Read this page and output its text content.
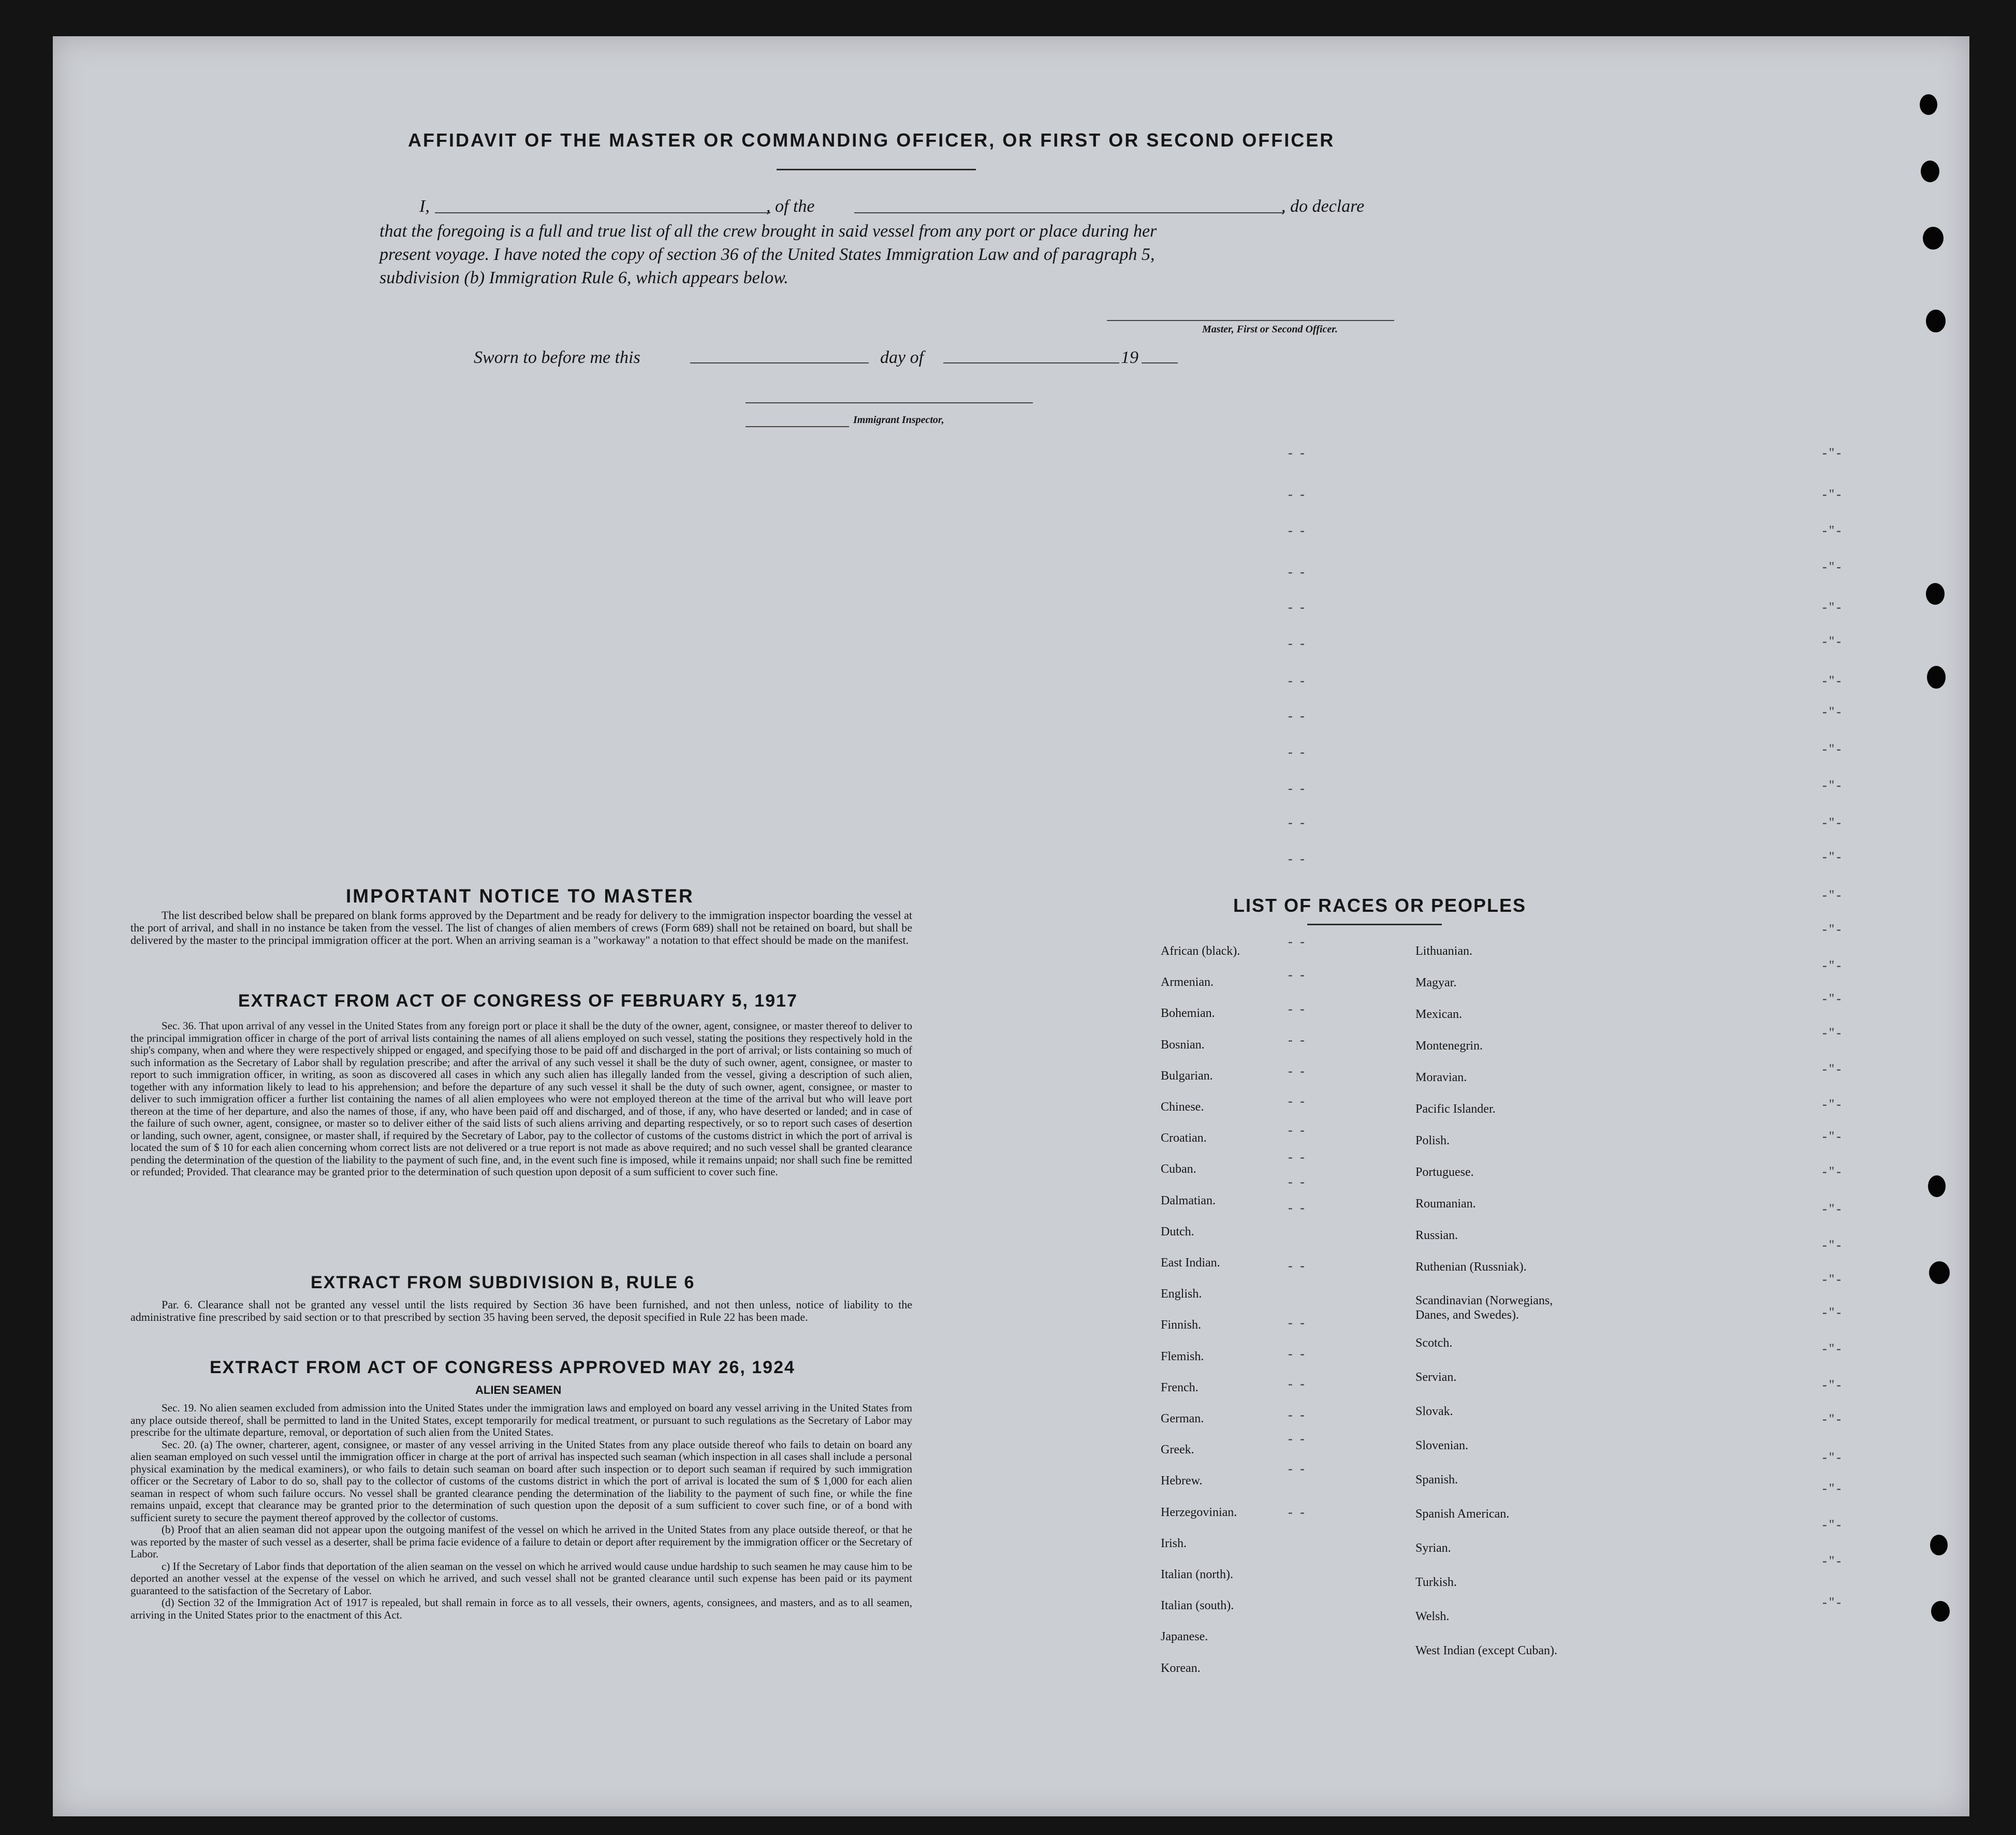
AFFIDAVIT OF THE MASTER OR COMMANDING OFFICER, OR FIRST OR SECOND OFFICER
I,	, of the	, do declare
that the foregoing is a full and true list of all the crew brought in said vessel from any port or place during her
present voyage. I have noted the copy of section 36 of the United States Immigration Law and of paragraph 5,
subdivision (b) Immigration Rule 6, which appears below.
Master, First or Second Officer.
Sworn to before me this	day of	19
Immigrant Inspector,
- -
- -
- -
- -
- -
- -
- -
- -
- -
- -
- -
- -
- -
- -
- -
- -
- -
- -
- -
- -
- -
- -
- -
- -
- -
- -
- -
- -
- -
- -
-"-
-"-
-"-
-"-
-"-
-"-
-"-
-"-
-"-
-"-
-"-
-"-
-"-
-"-
-"-
-"-
-"-
-"-
-"-
-"-
-"-
-"-
-"-
-"-
-"-
-"-
-"-
-"-
-"-
-"-
-"-
-"-
-"-
IMPORTANT NOTICE TO MASTER

The list described below shall be prepared on blank forms approved by the Department and be ready for delivery to the immigration inspector boarding the vessel at the port of arrival, and shall in no instance be taken from the vessel. The list of changes of alien members of crews (Form 689) shall not be retained on board, but shall be delivered by the master to the principal immigration officer at the port. When an arriving seaman is a "workaway" a notation to that effect should be made on the manifest.

EXTRACT FROM ACT OF CONGRESS OF FEBRUARY 5, 1917

Sec. 36. That upon arrival of any vessel in the United States from any foreign port or place it shall be the duty of the owner, agent, consignee, or master thereof to deliver to the principal immigration officer in charge of the port of arrival lists containing the names of all aliens employed on such vessel, stating the positions they respectively hold in the ship's company, when and where they were respectively shipped or engaged, and specifying those to be paid off and discharged in the port of arrival; or lists containing so much of such information as the Secretary of Labor shall by regulation prescribe; and after the arrival of any such vessel it shall be the duty of such owner, agent, consignee, or master to report to such immigration officer, in writing, as soon as discovered all cases in which any such alien has illegally landed from the vessel, giving a description of such alien, together with any information likely to lead to his apprehension; and before the departure of any such vessel it shall be the duty of such owner, agent, consignee, or master to deliver to such immigration officer a further list containing the names of all alien employees who were not employed thereon at the time of the arrival but who will leave port thereon at the time of her departure, and also the names of those, if any, who have been paid off and discharged, and of those, if any, who have deserted or landed; and in case of the failure of such owner, agent, consignee, or master so to deliver either of the said lists of such aliens arriving and departing respectively, or so to report such cases of desertion or landing, such owner, agent, consignee, or master shall, if required by the Secretary of Labor, pay to the collector of customs of the customs district in which the port of arrival is located the sum of $ 10 for each alien concerning whom correct lists are not delivered or a true report is not made as above required; and no such vessel shall be granted clearance pending the determination of the question of the liability to the payment of such fine, and, in the event such fine is imposed, while it remains unpaid; nor shall such fine be remitted or refunded; Provided. That clearance may be granted prior to the determination of such question upon deposit of a sum sufficient to cover such fine.

EXTRACT FROM SUBDIVISION B, RULE 6

Par. 6. Clearance shall not be granted any vessel until the lists required by Section 36 have been furnished, and not then unless, notice of liability to the administrative fine prescribed by said section or to that prescribed by section 35 having been served, the deposit specified in Rule 22 has been made.

EXTRACT FROM ACT OF CONGRESS APPROVED MAY 26, 1924
ALIEN SEAMEN

Sec. 19. No alien seamen excluded from admission into the United States under the immigration laws and employed on board any vessel arriving in the United States from any place outside thereof, shall be permitted to land in the United States, except temporarily for medical treatment, or pursuant to such regulations as the Secretary of Labor may prescribe for the ultimate departure, removal, or deportation of such alien from the United States.

Sec. 20. (a) The owner, charterer, agent, consignee, or master of any vessel arriving in the United States from any place outside thereof who fails to detain on board any alien seaman employed on such vessel until the immigration officer in charge at the port of arrival has inspected such seaman (which inspection in all cases shall include a personal physical examination by the medical examiners), or who fails to detain such seaman on board after such inspection or to deport such seaman if required by such immigration officer or the Secretary of Labor to do so, shall pay to the collector of customs of the customs district in which the port of arrival is located the sum of $ 1,000 for each alien seaman in respect of whom such failure occurs. No vessel shall be granted clearance pending the determination of the liability to the payment of such fine, or while the fine remains unpaid, except that clearance may be granted prior to the determination of such question upon the deposit of a sum sufficient to cover such fine, or of a bond with sufficient surety to secure the payment thereof approved by the collector of customs.

(b) Proof that an alien seaman did not appear upon the outgoing manifest of the vessel on which he arrived in the United States from any place outside thereof, or that he was reported by the master of such vessel as a deserter, shall be prima facie evidence of a failure to detain or deport after requirement by the immigration officer or the Secretary of Labor.

c) If the Secretary of Labor finds that deportation of the alien seaman on the vessel on which he arrived would cause undue hardship to such seamen he may cause him to be deported an another vessel at the expense of the vessel on which he arrived, and such vessel shall not be granted clearance until such expense has been paid or its payment guaranteed to the satisfaction of the Secretary of Labor.

(d) Section 32 of the Immigration Act of 1917 is repealed, but shall remain in force as to all vessels, their owners, agents, consignees, and masters, and as to all seamen, arriving in the United States prior to the enactment of this Act.

LIST OF RACES OR PEOPLES
African (black).
Armenian.
Bohemian.
Bosnian.
Bulgarian.
Chinese.
Croatian.
Cuban.
Dalmatian.
Dutch.
East Indian.
English.
Finnish.
Flemish.
French.
German.
Greek.
Hebrew.
Herzegovinian.
Irish.
Italian (north).
Italian (south).
Japanese.
Korean.
Lithuanian.
Magyar.
Mexican.
Montenegrin.
Moravian.
Pacific Islander.
Polish.
Portuguese.
Roumanian.
Russian.
Ruthenian (Russniak).
Scandinavian (Norwegians,
Danes, and Swedes).
Scotch.
Servian.
Slovak.
Slovenian.
Spanish.
Spanish American.
Syrian.
Turkish.
Welsh.
West Indian (except Cuban).
